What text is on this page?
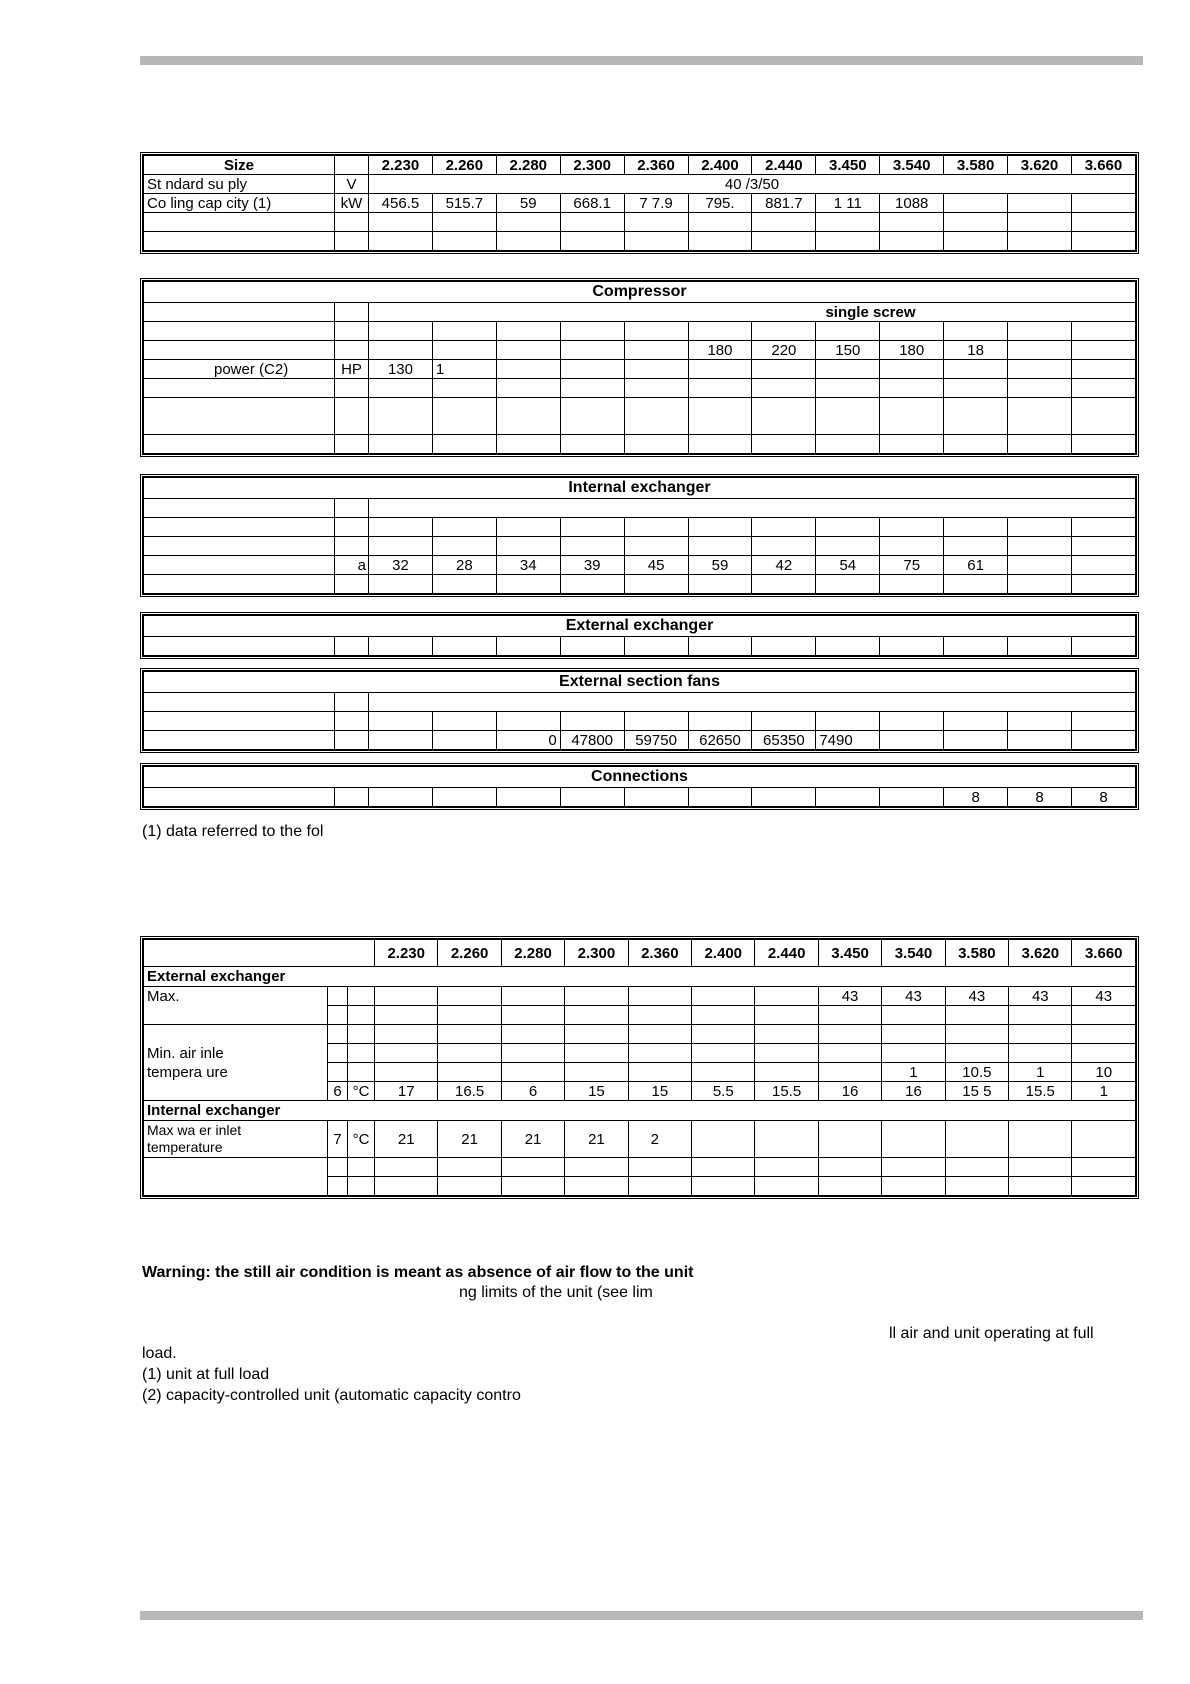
Size		2.230	2.260	2.280	2.300	2.360	2.400	2.440	3.450	3.540	3.580	3.620	3.660
St ndard su ply	V	40 /3/50											
Co ling cap city (1)	kW	456.5	515.7	59	668.1	7 7.9	795.	881.7	1 11	1088			

Compressor													
		single screw											

							180	220	150	180	18		
power (C2)	HP	130	1										

Internal exchanger													

	a	32	28	34	39	45	59	42	54	75	61		

External exchanger

External section fans													

				0	47800	59750	62650	65350	7490				
Connections
											8	8	8
(1) data referred to the fol
			2.230	2.260	2.280	2.300	2.360	2.400	2.440	3.450	3.540	3.580	3.620	3.660
External exchanger														
Max.										43	43	43	43	43

Min. air inle														
tempera ure											1	10.5	1	10
	6	°C	17	16.5	6	15	15	5.5	15.5	16	16	15 5	15.5	1
Internal exchanger														
Max wa er inlet
temperature	7	°C	21	21	21	21	2							

Warning: the still air condition is meant as absence of air flow to the unit
ng limits of the unit (see lim
ll air and unit operating at full
load.
(1) unit at full load
(2) capacity-controlled unit (automatic capacity contro
